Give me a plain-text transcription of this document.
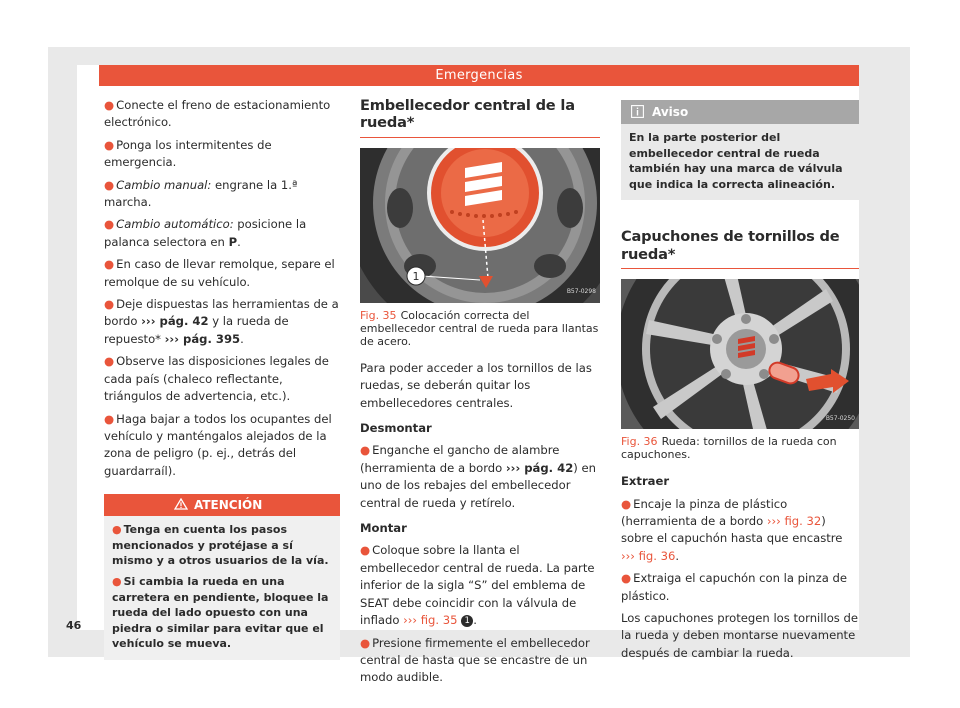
Emergencias

● Conecte el freno de estacionamiento electrónico.

● Ponga los intermitentes de emergencia.

● Cambio manual: engrane la 1.ª marcha.

● Cambio automático: posicione la palanca selectora en P.

● En caso de llevar remolque, separe el remolque de su vehículo.

● Deje dispuestas las herramientas de a bordo ››› pág. 42 y la rueda de repuesto* ››› pág. 395.

● Observe las disposiciones legales de cada país (chaleco reflectante, triángulos de advertencia, etc.).

● Haga bajar a todos los ocupantes del vehículo y manténgalos alejados de la zona de peligro (p. ej., detrás del guardarraíl).

ATENCIÓN

● Tenga en cuenta los pasos mencionados y protéjase a sí mismo y a otros usuarios de la vía.

● Si cambia la rueda en una carretera en pendiente, bloquee la rueda del lado opuesto con una piedra o similar para evitar que el vehículo se mueva.

Embellecedor central de la rueda*
1
B57-0298
Fig. 35 Colocación correcta del embellecedor central de rueda para llantas de acero.

Para poder acceder a los tornillos de las ruedas, se deberán quitar los embellecedores centrales.

Desmontar

● Enganche el gancho de alambre (herramienta de a bordo ››› pág. 42) en uno de los rebajes del embellecedor central de rueda y retírelo.

Montar

● Coloque sobre la llanta el embellecedor central de rueda. La parte inferior de la sigla “S” del emblema de SEAT debe coincidir con la válvula de inflado ››› fig. 35 1 .

● Presione firmemente el embellecedor central de hasta que se encastre de un modo audible.

Aviso
En la parte posterior del embellecedor central de rueda también hay una marca de válvula que indica la correcta alineación.
Capuchones de tornillos de rueda*
B57-0250
Fig. 36 Rueda: tornillos de la rueda con capuchones.
Extraer

● Encaje la pinza de plástico (herramienta de a bordo ››› fig. 32) sobre el capuchón hasta que encastre ››› fig. 36.

● Extraiga el capuchón con la pinza de plástico.

Los capuchones protegen los tornillos de la rueda y deben montarse nuevamente después de cambiar la rueda.

46
